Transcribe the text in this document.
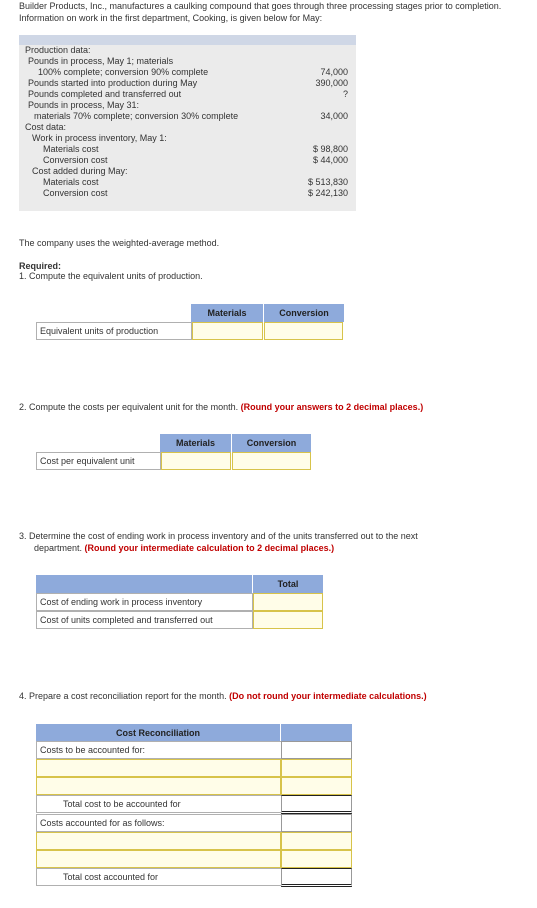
Builder Products, Inc., manufactures a caulking compound that goes through three processing stages prior to completion. Information on work in the first department, Cooking, is given below for May:
Production data:
Pounds in process, May 1; materials
100% complete; conversion 90% complete	74,000
Pounds started into production during May	390,000
Pounds completed and transferred out	?
Pounds in process, May 31:
materials 70% complete; conversion 30% complete	34,000
Cost data:
Work in process inventory, May 1:
Materials cost	$ 98,800
Conversion cost	$ 44,000
Cost added during May:
Materials cost	$ 513,830
Conversion cost	$ 242,130
The company uses the weighted-average method.
Required:
1. Compute the equivalent units of production.
Materials	Conversion
Equivalent units of production
2. Compute the costs per equivalent unit for the month. (Round your answers to 2 decimal places.)
Materials	Conversion
Cost per equivalent unit
3. Determine the cost of ending work in process inventory and of the units transferred out to the next
department. (Round your intermediate calculation to 2 decimal places.)
Total
Cost of ending work in process inventory
Cost of units completed and transferred out
4. Prepare a cost reconciliation report for the month. (Do not round your intermediate calculations.)
Cost Reconciliation
Costs to be accounted for:
Total cost to be accounted for
Costs accounted for as follows:
Total cost accounted for
